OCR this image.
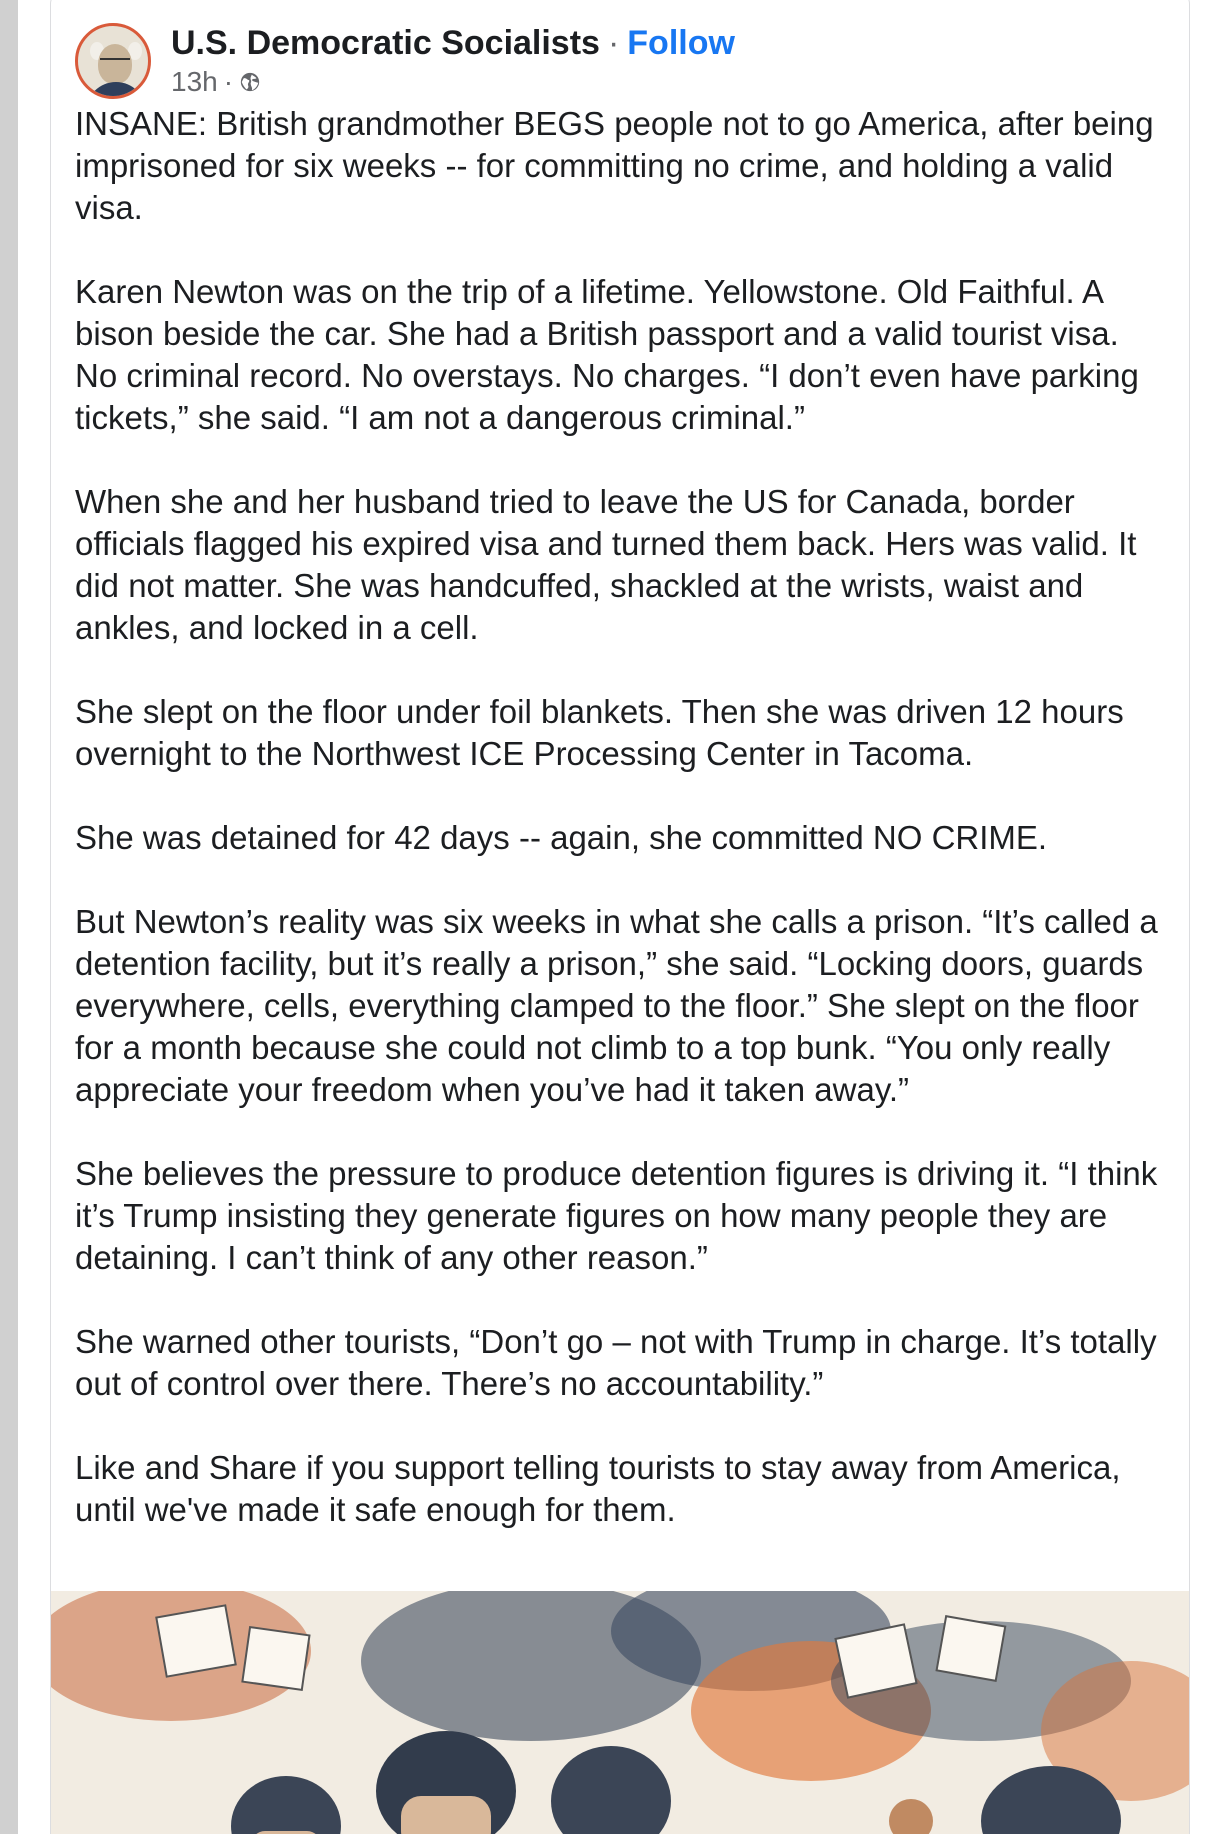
U.S. Democratic Socialists · Follow
13h ·

INSANE: British grandmother BEGS people not to go America, after being imprisoned for six weeks -- for committing no crime, and holding a valid visa.

Karen Newton was on the trip of a lifetime. Yellowstone. Old Faithful. A bison beside the car. She had a British passport and a valid tourist visa. No criminal record. No overstays. No charges. “I don’t even have parking tickets,” she said. “I am not a dangerous criminal.”

When she and her husband tried to leave the US for Canada, border officials flagged his expired visa and turned them back. Hers was valid. It did not matter. She was handcuffed, shackled at the wrists, waist and ankles, and locked in a cell.

She slept on the floor under foil blankets. Then she was driven 12 hours overnight to the Northwest ICE Processing Center in Tacoma.

She was detained for 42 days -- again, she committed NO CRIME.

But Newton’s reality was six weeks in what she calls a prison. “It’s called a detention facility, but it’s really a prison,” she said. “Locking doors, guards everywhere, cells, everything clamped to the floor.” She slept on the floor for a month because she could not climb to a top bunk. “You only really appreciate your freedom when you’ve had it taken away.”

She believes the pressure to produce detention figures is driving it. “I think it’s Trump insisting they generate figures on how many people they are detaining. I can’t think of any other reason.”

She warned other tourists, “Don’t go – not with Trump in charge. It’s totally out of control over there. There’s no accountability.”

Like and Share if you support telling tourists to stay away from America, until we've made it safe enough for them.
